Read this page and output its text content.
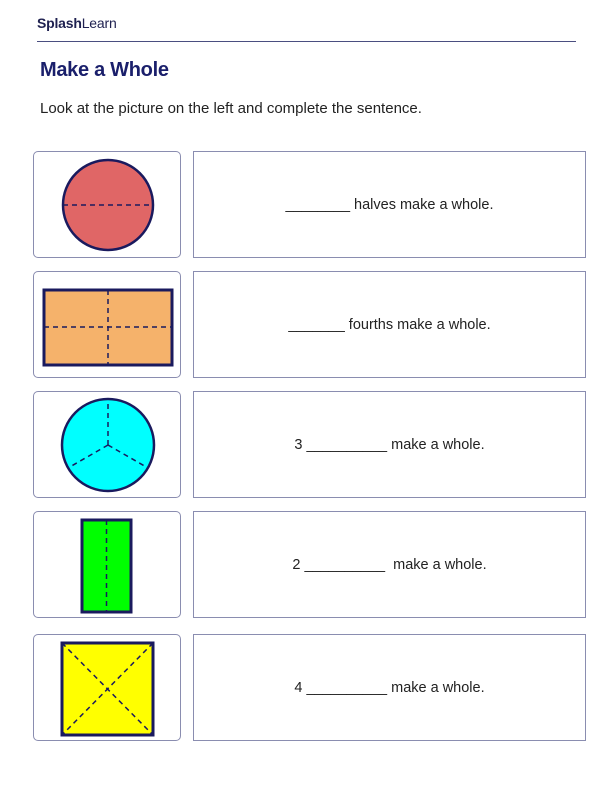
SplashLearn
Make a Whole
Look at the picture on the left and complete the sentence.
________ halves make a whole.
_______ fourths make a whole.
3 __________ make a whole.
2 __________ make a whole.
4 __________ make a whole.
